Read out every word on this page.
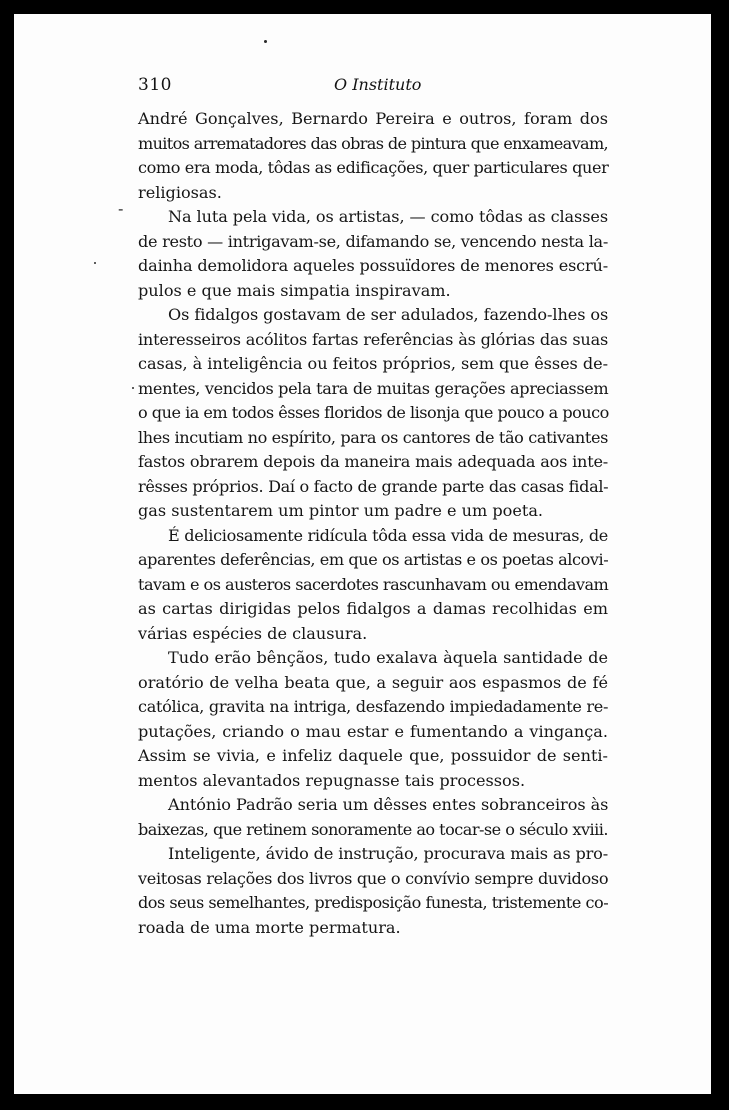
310	O Instituto
-
André Gonçalves, Bernardo Pereira e outros, foram dos
muitos arrematadores das obras de pintura que enxameavam,
como era moda, tôdas as edificações, quer particulares quer
religiosas.
Na luta pela vida, os artistas, — como tôdas as classes
de resto — intrigavam-se, difamando se, vencendo nesta la-
dainha demolidora aqueles possuïdores de menores escrú-
pulos e que mais simpatia inspiravam.
Os fidalgos gostavam de ser adulados, fazendo-lhes os
interesseiros acólitos fartas referências às glórias das suas
casas, à inteligência ou feitos próprios, sem que êsses de-
mentes, vencidos pela tara de muitas gerações apreciassem
o que ia em todos êsses floridos de lisonja que pouco a pouco
lhes incutiam no espírito, para os cantores de tão cativantes
fastos obrarem depois da maneira mais adequada aos inte-
rêsses próprios. Daí o facto de grande parte das casas fidal-
gas sustentarem um pintor um padre e um poeta.
É deliciosamente ridícula tôda essa vida de mesuras, de
aparentes deferências, em que os artistas e os poetas alcovi-
tavam e os austeros sacerdotes rascunhavam ou emendavam
as cartas dirigidas pelos fidalgos a damas recolhidas em
várias espécies de clausura.
Tudo erão bênçãos, tudo exalava àquela santidade de
oratório de velha beata que, a seguir aos espasmos de fé
católica, gravita na intriga, desfazendo impiedadamente re-
putações, criando o mau estar e fumentando a vingança.
Assim se vivia, e infeliz daquele que, possuidor de senti-
mentos alevantados repugnasse tais processos.
António Padrão seria um dêsses entes sobranceiros às
baixezas, que retinem sonoramente ao tocar-se o século xviii.
Inteligente, ávido de instrução, procurava mais as pro-
veitosas relações dos livros que o convívio sempre duvidoso
dos seus semelhantes, predisposição funesta, tristemente co-
roada de uma morte permatura.
